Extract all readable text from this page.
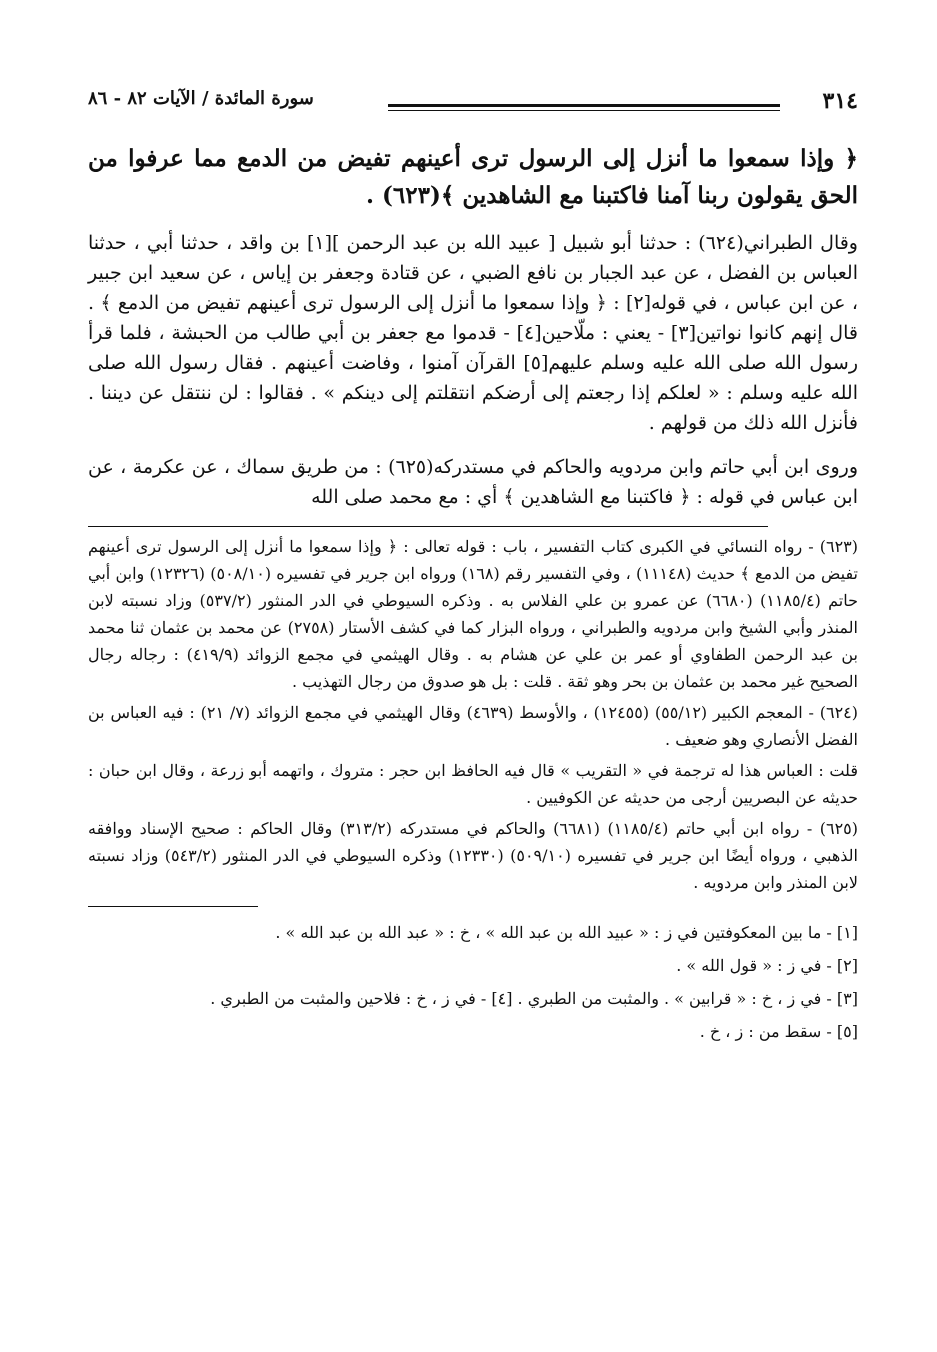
٣١٤
سورة المائدة / الآيات ٨٢ - ٨٦
﴿ وإذا سمعوا ما أنزل إلى الرسول ترى أعينهم تفيض من الدمع مما عرفوا من الحق يقولون ربنا آمنا فاكتبنا مع الشاهدين ﴾(٦٢٣) .

وقال الطبراني(٦٢٤) : حدثنا أبو شبيل [ عبيد الله بن عبد الرحمن ][١] بن واقد ، حدثنا أبي ، حدثنا العباس بن الفضل ، عن عبد الجبار بن نافع الضبي ، عن قتادة وجعفر بن إياس ، عن سعيد ابن جبير ، عن ابن عباس ، في قوله[٢] : ﴿ وإذا سمعوا ما أنزل إلى الرسول ترى أعينهم تفيض من الدمع ﴾ . قال إنهم كانوا نواتين[٣] - يعني : ملّاحين[٤] - قدموا مع جعفر بن أبي طالب من الحبشة ، فلما قرأ رسول الله صلى الله عليه وسلم عليهم[٥] القرآن آمنوا ، وفاضت أعينهم . فقال رسول الله صلى الله عليه وسلم : « لعلكم إذا رجعتم إلى أرضكم انتقلتم إلى دينكم » . فقالوا : لن ننتقل عن ديننا . فأنزل الله ذلك من قولهم .

وروى ابن أبي حاتم وابن مردويه والحاكم في مستدركه(٦٢٥) : من طريق سماك ، عن عكرمة ، عن ابن عباس في قوله : ﴿ فاكتبنا مع الشاهدين ﴾ أي : مع محمد صلى الله

(٦٢٣) - رواه النسائي في الكبرى كتاب التفسير ، باب : قوله تعالى : ﴿ وإذا سمعوا ما أنزل إلى الرسول ترى أعينهم تفيض من الدمع ﴾ حديث (١١١٤٨) ، وفي التفسير رقم (١٦٨) ورواه ابن جرير في تفسيره (٥٠٨/١٠) (١٢٣٢٦) وابن أبي حاتم (١١٨٥/٤) (٦٦٨٠) عن عمرو بن علي الفلاس به . وذكره السيوطي في الدر المنثور (٥٣٧/٢) وزاد نسبته لابن المنذر وأبي الشيخ وابن مردويه والطبراني ، ورواه البزار كما في كشف الأستار (٢٧٥٨) عن محمد بن عثمان ثنا محمد بن عبد الرحمن الطفاوي أو عمر بن علي عن هشام به . وقال الهيثمي في مجمع الزوائد (٤١٩/٩) : رجاله رجال الصحيح غير محمد بن عثمان بن بحر وهو ثقة . قلت : بل هو صدوق من رجال التهذيب .

(٦٢٤) - المعجم الكبير (٥٥/١٢) (١٢٤٥٥) ، والأوسط (٤٦٣٩) وقال الهيثمي في مجمع الزوائد (٧/ ٢١) : فيه العباس بن الفضل الأنصاري وهو ضعيف .

قلت : العباس هذا له ترجمة في « التقريب » قال فيه الحافظ ابن حجر : متروك ، واتهمه أبو زرعة ، وقال ابن حبان : حديثه عن البصريين أرجى من حديثه عن الكوفيين .

(٦٢٥) - رواه ابن أبي حاتم (١١٨٥/٤) (٦٦٨١) والحاكم في مستدركه (٣١٣/٢) وقال الحاكم : صحيح الإسناد ووافقه الذهبي ، ورواه أيضًا ابن جرير في تفسيره (٥٠٩/١٠) (١٢٣٣٠) وذكره السيوطي في الدر المنثور (٥٤٣/٢) وزاد نسبته لابن المنذر وابن مردويه .

[١] - ما بين المعكوفتين في ز : « عبيد الله بن عبد الله » ، خ : « عبد الله بن عبد الله » .

[٢] - في ز : « قول الله » .

[٣] - في ز ، خ : « قرابين » . والمثبت من الطبري . [٤] - في ز ، خ : فلاحين والمثبت من الطبري .

[٥] - سقط من : ز ، خ .
